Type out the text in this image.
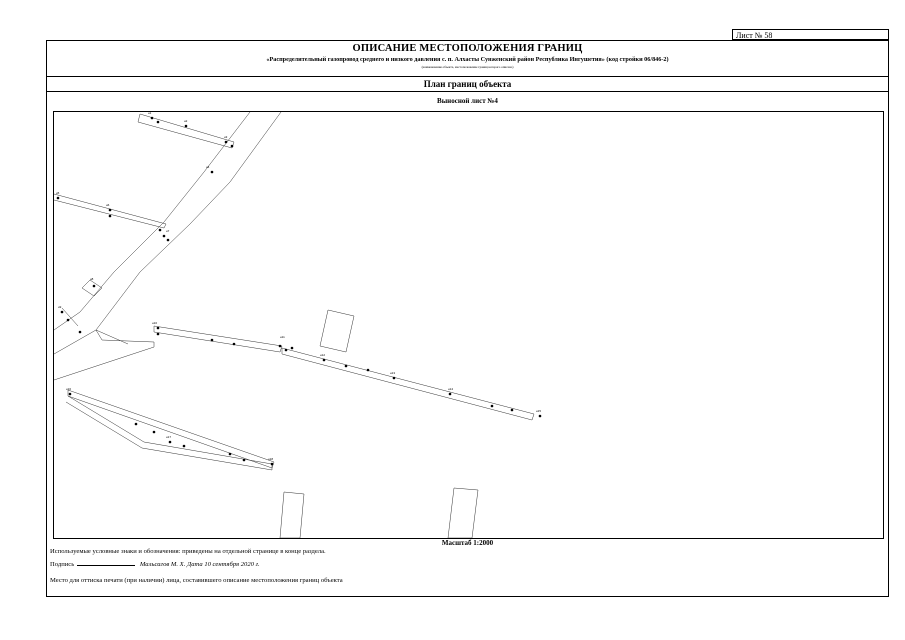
Лист № 58
ОПИСАНИЕ МЕСТОПОЛОЖЕНИЯ ГРАНИЦ
«Распределительный газопровод среднего и низкого давления с. п. Алхасты Сунженский район Республика Ингушетия» (код стройки 06/846-2)
(наименование объекта, местоположение границ которого описано)
План границ объекта
Выносной лист №4
н1
н2
н3
н4
н5
н6
н7
н8
н9
н10
н11
н12
н13
н14
н15
н16
н17
н18
Масштаб 1:2000
Используемые условные знаки и обозначения: приведены на отдельной странице в конце раздела.
Подпись	Мальсагов М. Х. Дата 10 сентября 2020 г.
Место для оттиска печати (при наличии) лица, составившего описание местоположения границ объекта
